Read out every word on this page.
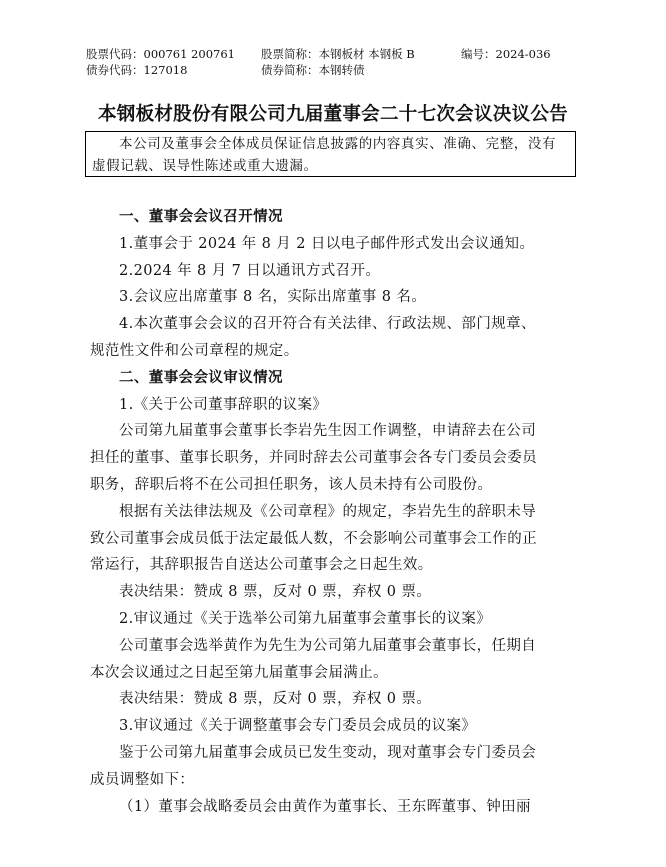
股票代码：000761 200761	股票简称：本钢板材 本钢板 B	编号：2024-036
债券代码：127018	债券简称：本钢转债
本钢板材股份有限公司九届董事会二十七次会议决议公告
本公司及董事会全体成员保证信息披露的内容真实、准确、完整，没有虚假记载、误导性陈述或重大遗漏。
一、董事会会议召开情况
1.董事会于 2024 年 8 月 2 日以电子邮件形式发出会议通知。
2.2024 年 8 月 7 日以通讯方式召开。
3.会议应出席董事 8 名，实际出席董事 8 名。
4.本次董事会会议的召开符合有关法律、行政法规、部门规章、
规范性文件和公司章程的规定。
二、董事会会议审议情况
1.《关于公司董事辞职的议案》
公司第九届董事会董事长李岩先生因工作调整，申请辞去在公司
担任的董事、董事长职务，并同时辞去公司董事会各专门委员会委员
职务，辞职后将不在公司担任职务，该人员未持有公司股份。
根据有关法律法规及《公司章程》的规定，李岩先生的辞职未导
致公司董事会成员低于法定最低人数，不会影响公司董事会工作的正
常运行，其辞职报告自送达公司董事会之日起生效。
表决结果：赞成 8 票，反对 0 票，弃权 0 票。
2.审议通过《关于选举公司第九届董事会董事长的议案》
公司董事会选举黄作为先生为公司第九届董事会董事长，任期自
本次会议通过之日起至第九届董事会届满止。
表决结果：赞成 8 票，反对 0 票，弃权 0 票。
3.审议通过《关于调整董事会专门委员会成员的议案》
鉴于公司第九届董事会成员已发生变动，现对董事会专门委员会
成员调整如下：
（1）董事会战略委员会由黄作为董事长、王东晖董事、钟田丽
